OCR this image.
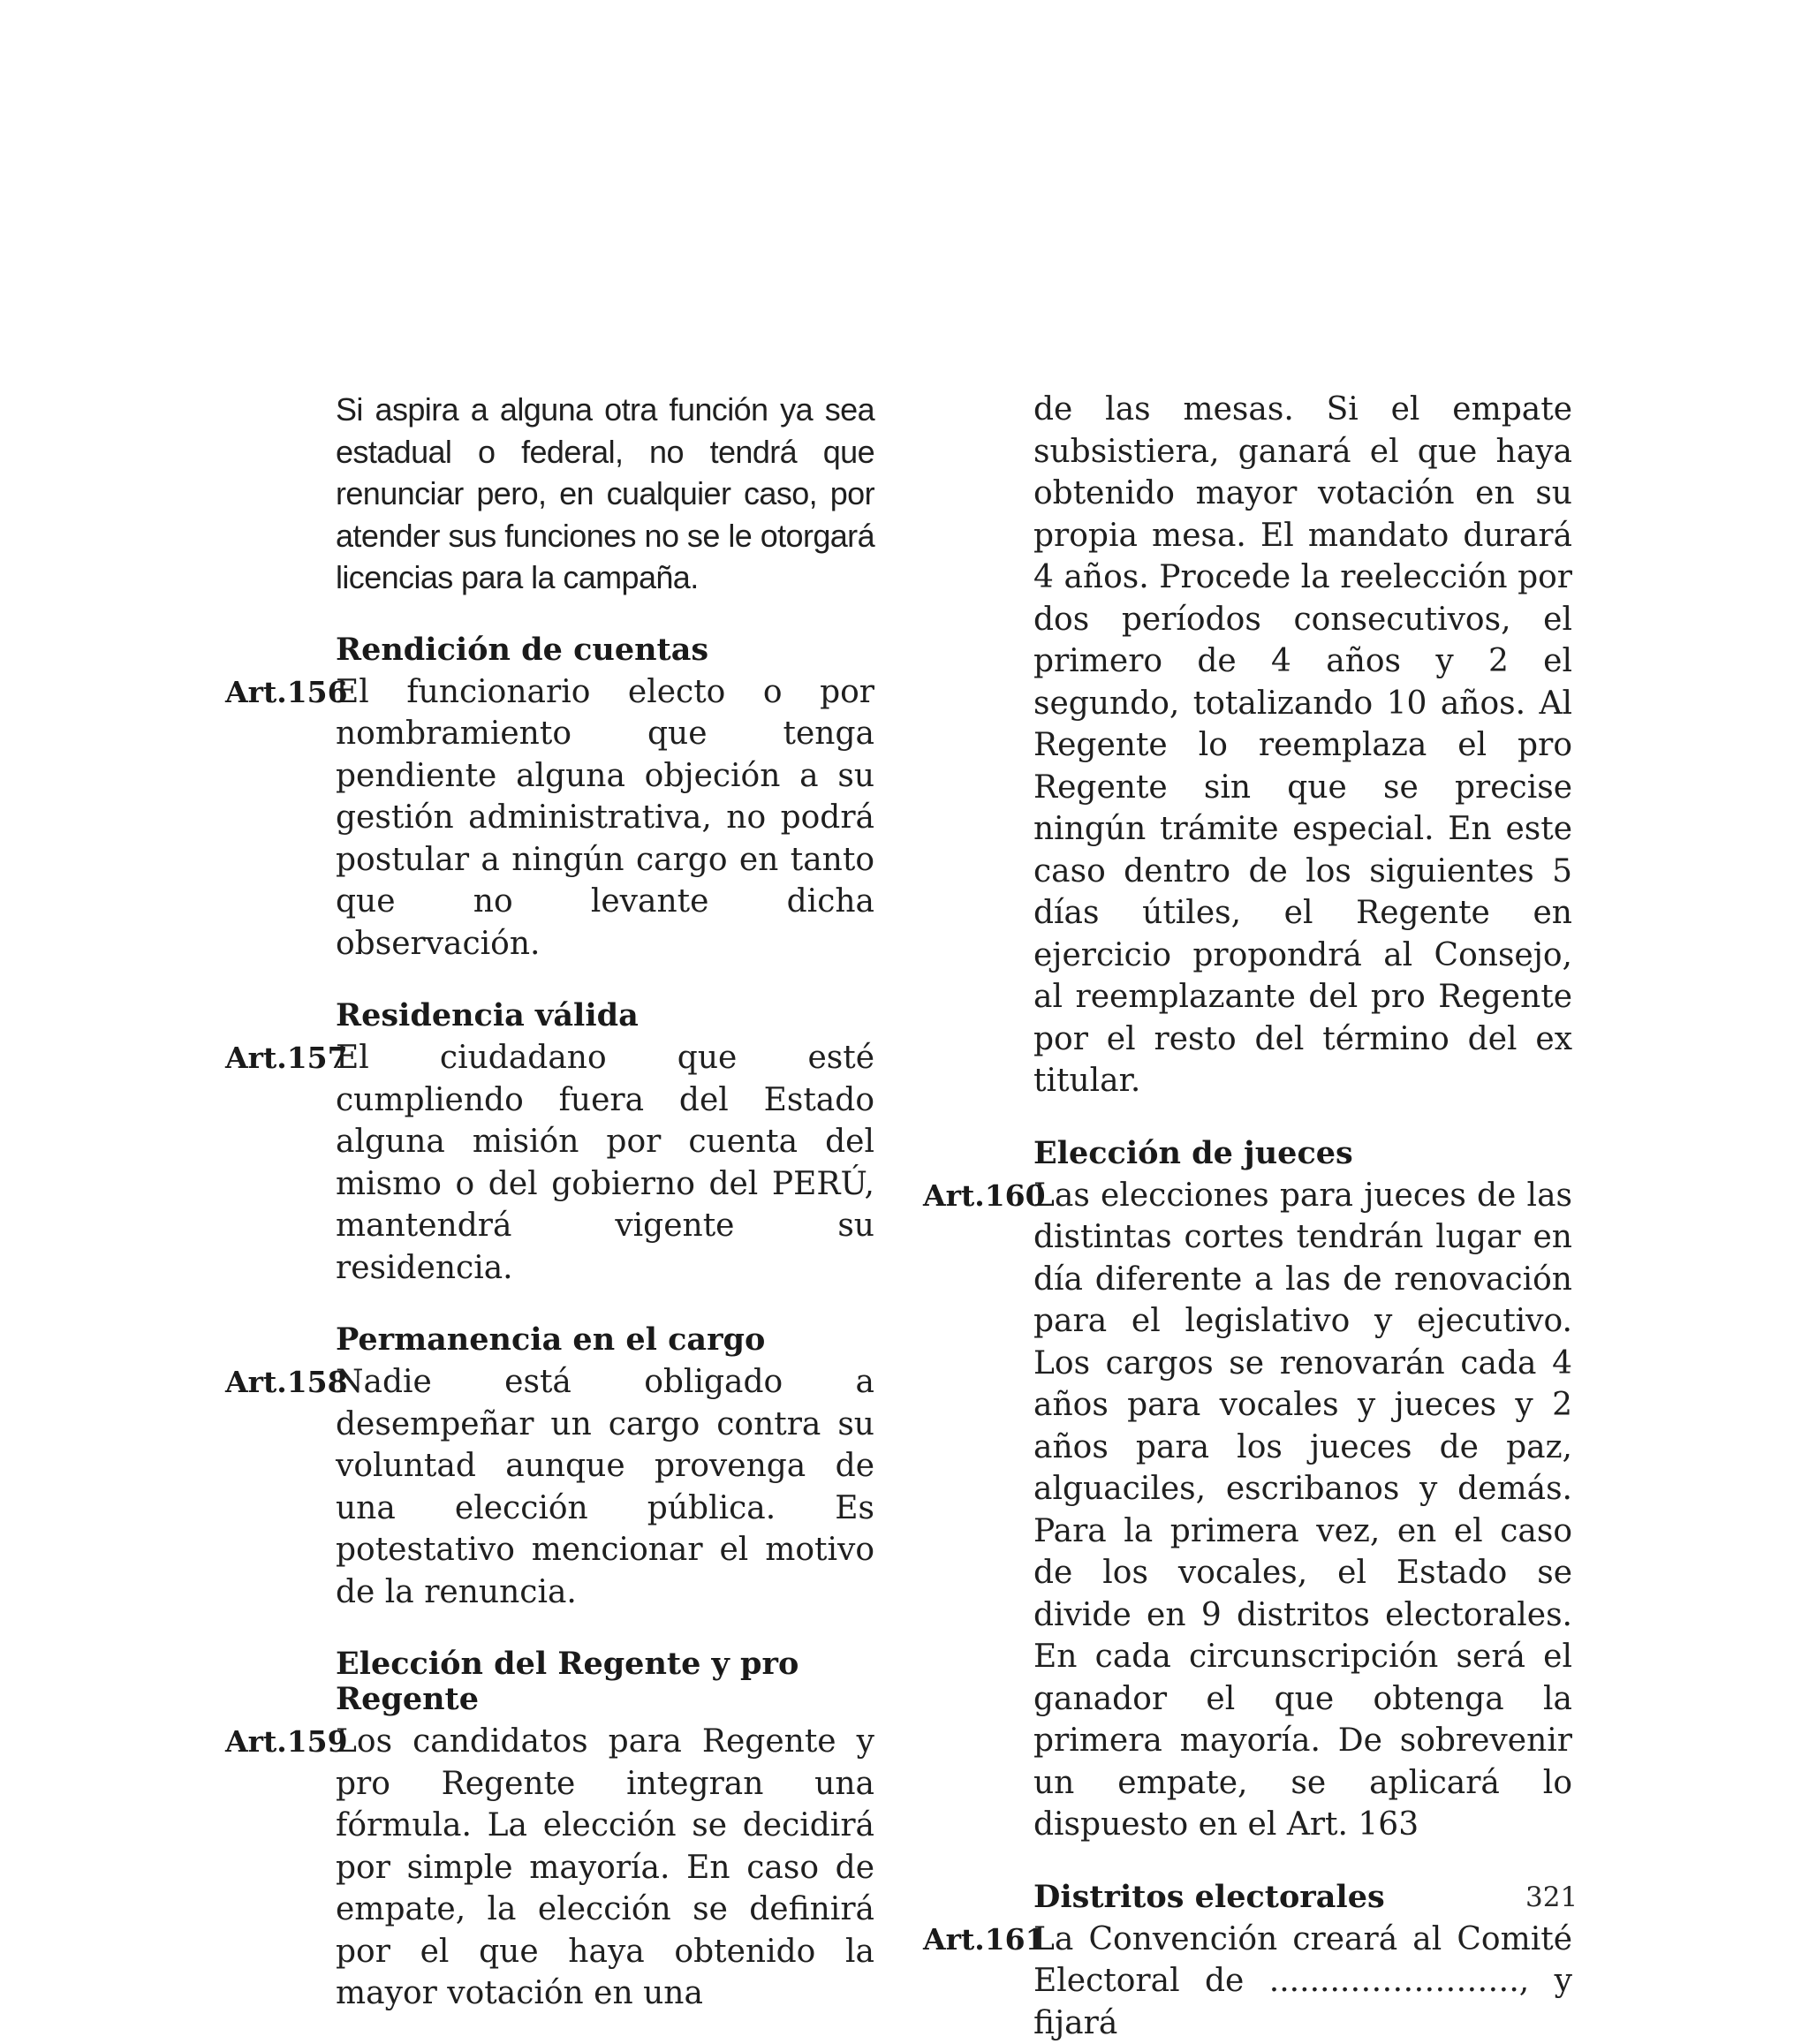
Si aspira a alguna otra función ya sea estadual o federal, no tendrá que renunciar pero, en cualquier caso, por atender sus funciones no se le otorgará licencias para la campaña.

Rendición de cuentas
Art.156

El funcionario electo o por nombramiento que tenga pendiente alguna objeción a su gestión administrativa, no podrá postular a ningún cargo en tanto que no levante dicha observación.

Residencia válida
Art.157

El ciudadano que esté cumpliendo fuera del Estado alguna misión por cuenta del mismo o del gobierno del PERÚ, mantendrá vigente su residencia.

Permanencia en el cargo
Art.158

Nadie está obligado a desempeñar un cargo contra su voluntad aunque provenga de una elección pública. Es potestativo mencionar el motivo de la renuncia.

Elección del Regente y pro Regente
Art.159

Los candidatos para Regente y pro Regente integran una fórmula. La elección se decidirá por simple mayoría. En caso de empate, la elección se definirá por el que haya obtenido la mayor votación en una

de las mesas. Si el empate subsistiera, ganará el que haya obtenido mayor votación en su propia mesa. El mandato durará 4 años. Procede la reelección por dos períodos consecutivos, el primero de 4 años y 2 el segundo, totalizando 10 años. Al Regente lo reemplaza el pro Regente sin que se precise ningún trámite especial. En este caso dentro de los siguientes 5 días útiles, el Regente en ejercicio propondrá al Consejo, al reemplazante del pro Regente por el resto del término del ex titular.

Elección de jueces
Art.160

Las elecciones para jueces de las distintas cortes tendrán lugar en día diferente a las de renovación para el legislativo y ejecutivo. Los cargos se renovarán cada 4 años para vocales y jueces y 2 años para los jueces de paz, alguaciles, escribanos y demás. Para la primera vez, en el caso de los vocales, el Estado se divide en 9 distritos electorales. En cada circunscripción será el ganador el que obtenga la primera mayoría. De sobrevenir un empate, se aplicará lo dispuesto en el Art. 163

Distritos electorales
Art.161

La Convención creará al Comité Electoral de ........……………., y fijará

321
